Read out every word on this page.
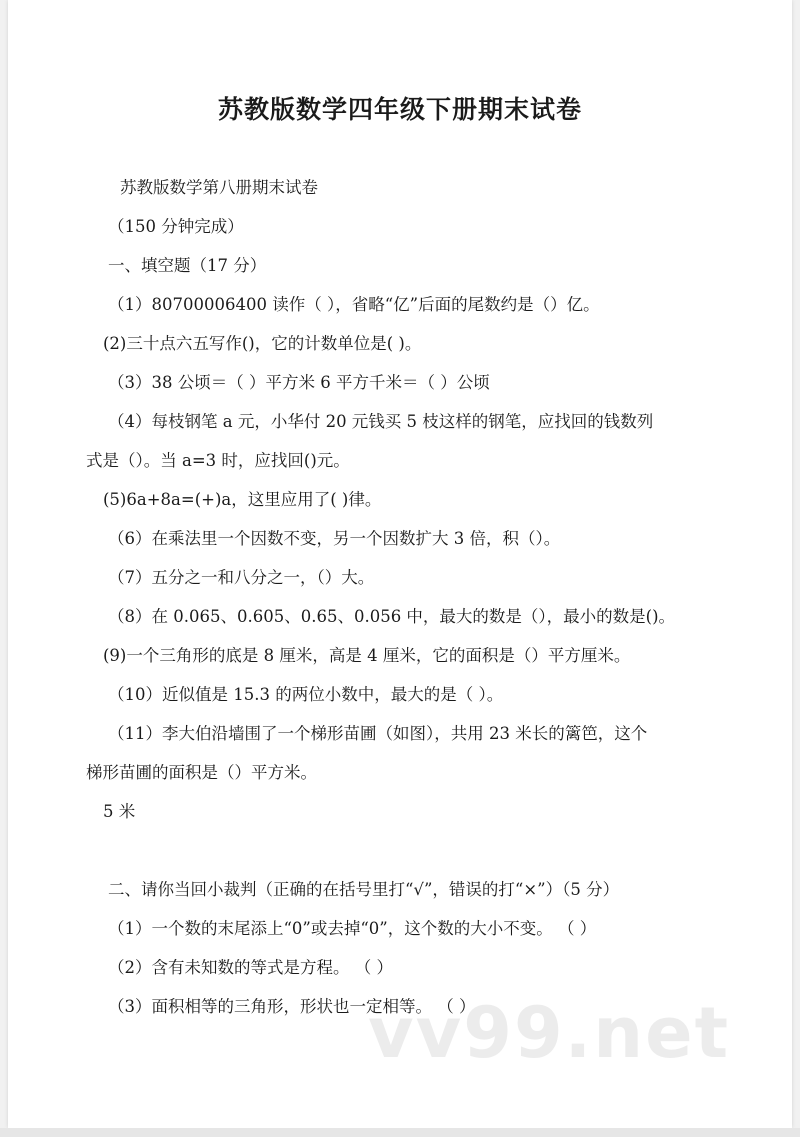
苏教版数学四年级下册期末试卷
苏教版数学第八册期末试卷
（150 分钟完成）
一、填空题（17 分）
（1）80700006400 读作（ ），省略“亿”后面的尾数约是（）亿。
(2)三十点六五写作()，它的计数单位是( )。
（3）38 公顷＝（ ）平方米 6 平方千米＝（ ）公顷
（4）每枝钢笔 a 元，小华付 20 元钱买 5 枝这样的钢笔，应找回的钱数列
式是（）。当 a=3 时，应找回()元。
(5)6a+8a=(+)a，这里应用了( )律。
（6）在乘法里一个因数不变，另一个因数扩大 3 倍，积（）。
（7）五分之一和八分之一，（）大。
（8）在 0.065、0.605、0.65、0.056 中，最大的数是（），最小的数是()。
(9)一个三角形的底是 8 厘米，高是 4 厘米，它的面积是（）平方厘米。
（10）近似值是 15.3 的两位小数中，最大的是（ ）。
（11）李大伯沿墙围了一个梯形苗圃（如图），共用 23 米长的篱笆，这个
梯形苗圃的面积是（）平方米。
5 米
二、请你当回小裁判（正确的在括号里打“√”，错误的打“×”）（5 分）
（1）一个数的末尾添上“0”或去掉“0”，这个数的大小不变。 （ ）
（2）含有未知数的等式是方程。 （ ）
（3）面积相等的三角形，形状也一定相等。 （ ）
vv99.net
